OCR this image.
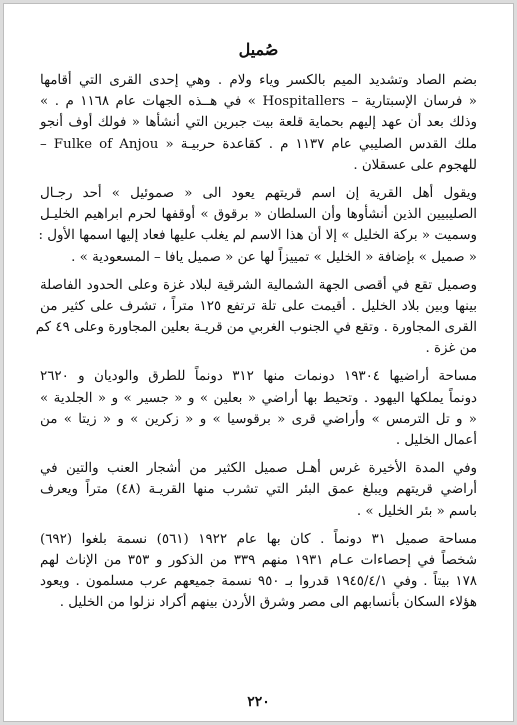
صُميل
بضم الصاد وتشديد الميم بالكسر وياء ولام . وهي إحدى القرى التي أقامها
« فرسان الإسبتارية – Hospitallers » في هــذه الجهات عام ١١٦٨ م . »
وذلك بعد أن عهد إليهم بحماية قلعة بيت جبرين التي أنشأها « فولك أوف أنجو
– Fulke of Anjou » ملك القدس الصليبي عام ١١٣٧ م . كقاعدة حربيـة
للهجوم على عسقلان .
ويقول أهل القرية إن اسم قريتهم يعود الى « صموئيل » أحد رجـال
الصليبيين الذين أنشأوها وأن السلطان « برقوق » أوقفها لحرم ابراهيم الخليـل
وسميت « بركة الخليل » إلا أن هذا الاسم لم يغلب عليها فعاد إليها اسمها الأول :
« صميل » بإضافة « الخليل » تمييزاً لها عن « صميل يافا – المسعودية » .
وصميل تقع في أقصى الجهة الشمالية الشرقية لبلاد غزة وعلى الحدود الفاصلة
بينها وبين بلاد الخليل . أقيمت على تلة ترتفع ١٢٥ متراً ، تشرف على كثير من
القرى المجاورة . وتقع في الجنوب الغربي من قريـة بعلين المجاورة وعلى ٤٩ كم
من غزة .
مساحة أراضيها ١٩٣٠٤ دونمات منها ٣١٢ دونماً للطرق والوديان و ٢٦٢٠
دونماً يملكها اليهود . وتحيط بها أراضي « بعلين » و « جسير » و « الجلدية »
« و تل الترمس » وأراضي قرى « برقوسيا » و « زكرين » و « زيتا » من
أعمال الخليل .
وفي المدة الأخيرة غرس أهـل صميل الكثير من أشجار العنب والتين في
أراضي قريتهم ويبلغ عمق البئر التي تشرب منها القريـة (٤٨) متراً ويعرف
باسم « بئر الخليل » .
مساحة صميل ٣١ دونماً . كان بها عام ١٩٢٢ (٥٦١) نسمة بلغوا (٦٩٢)
شخصاً في إحصاءات عـام ١٩٣١ منهم ٣٣٩ من الذكور و ٣٥٣ من الإناث لهم
١٧٨ بيتاً . وفي ١٩٤٥/٤/١ قدروا بـ ٩٥٠ نسمة جميعهم عرب مسلمون . ويعود
هؤلاء السكان بأنسابهم الى مصر وشرق الأردن بينهم أكراد نزلوا من الخليل .
٢٢٠
